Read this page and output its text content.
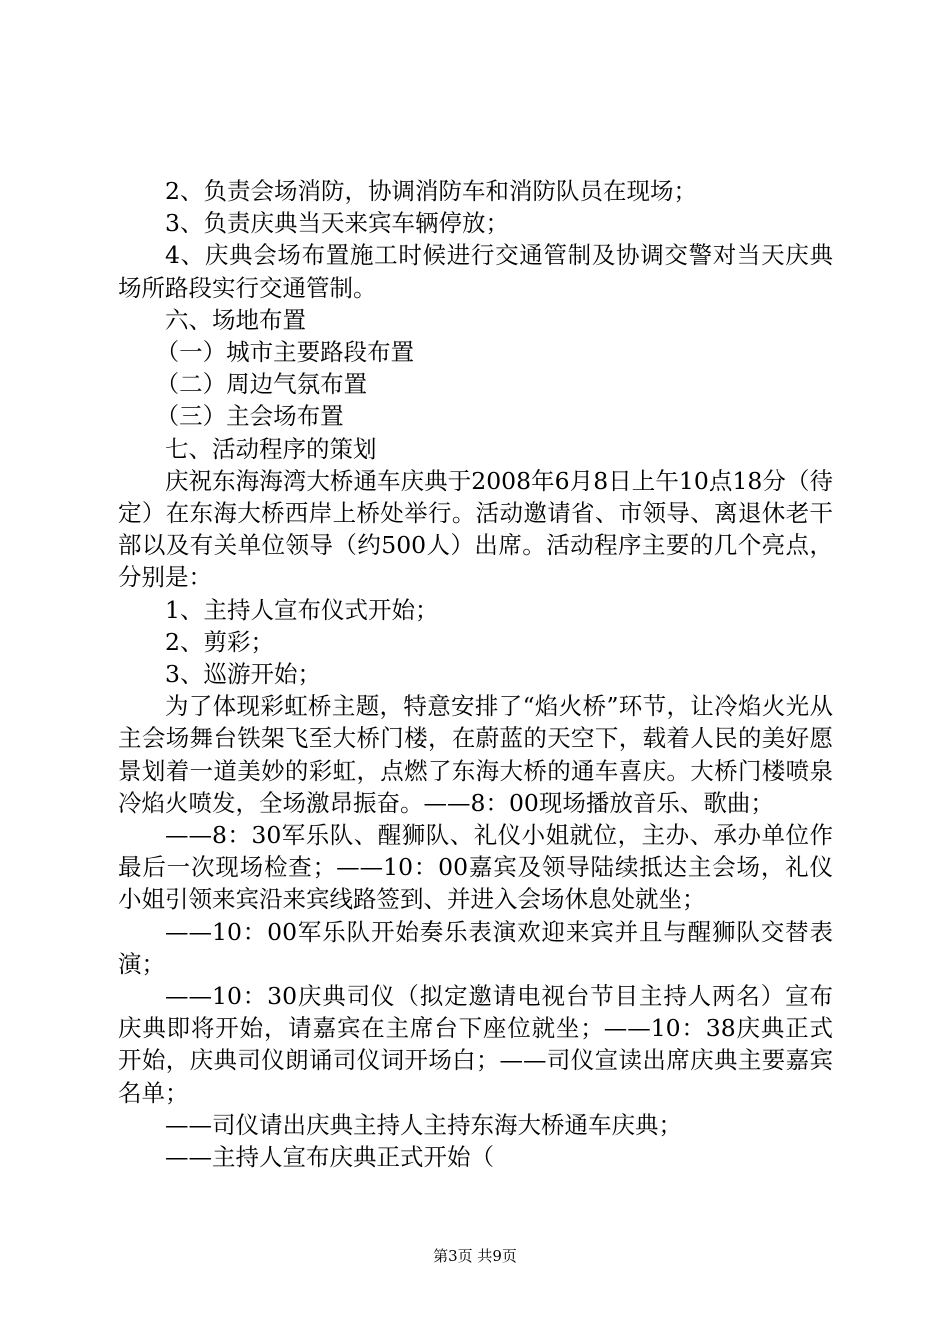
2、负责会场消防，协调消防车和消防队员在现场；

3、负责庆典当天来宾车辆停放；

4、庆典会场布置施工时候进行交通管制及协调交警对当天庆典场所路段实行交通管制。

六、场地布置

（一）城市主要路段布置

（二）周边气氛布置

（三）主会场布置

七、活动程序的策划

庆祝东海海湾大桥通车庆典于2008年6月8日上午10点18分（待定）在东海大桥西岸上桥处举行。活动邀请省、市领导、离退休老干部以及有关单位领导（约500人）出席。活动程序主要的几个亮点，分别是：

1、主持人宣布仪式开始；

2、剪彩；

3、巡游开始；

为了体现彩虹桥主题，特意安排了“焰火桥”环节，让冷焰火光从主会场舞台铁架飞至大桥门楼，在蔚蓝的天空下，载着人民的美好愿景划着一道美妙的彩虹，点燃了东海大桥的通车喜庆。大桥门楼喷泉冷焰火喷发，全场激昂振奋。——8：00现场播放音乐、歌曲；

——8：30军乐队、醒狮队、礼仪小姐就位，主办、承办单位作最后一次现场检查；——10：00嘉宾及领导陆续抵达主会场，礼仪小姐引领来宾沿来宾线路签到、并进入会场休息处就坐；

——10：00军乐队开始奏乐表演欢迎来宾并且与醒狮队交替表演；

——10：30庆典司仪（拟定邀请电视台节目主持人两名）宣布庆典即将开始，请嘉宾在主席台下座位就坐；——10：38庆典正式开始，庆典司仪朗诵司仪词开场白；——司仪宣读出席庆典主要嘉宾名单；

——司仪请出庆典主持人主持东海大桥通车庆典；

——主持人宣布庆典正式开始（

第3页 共9页
